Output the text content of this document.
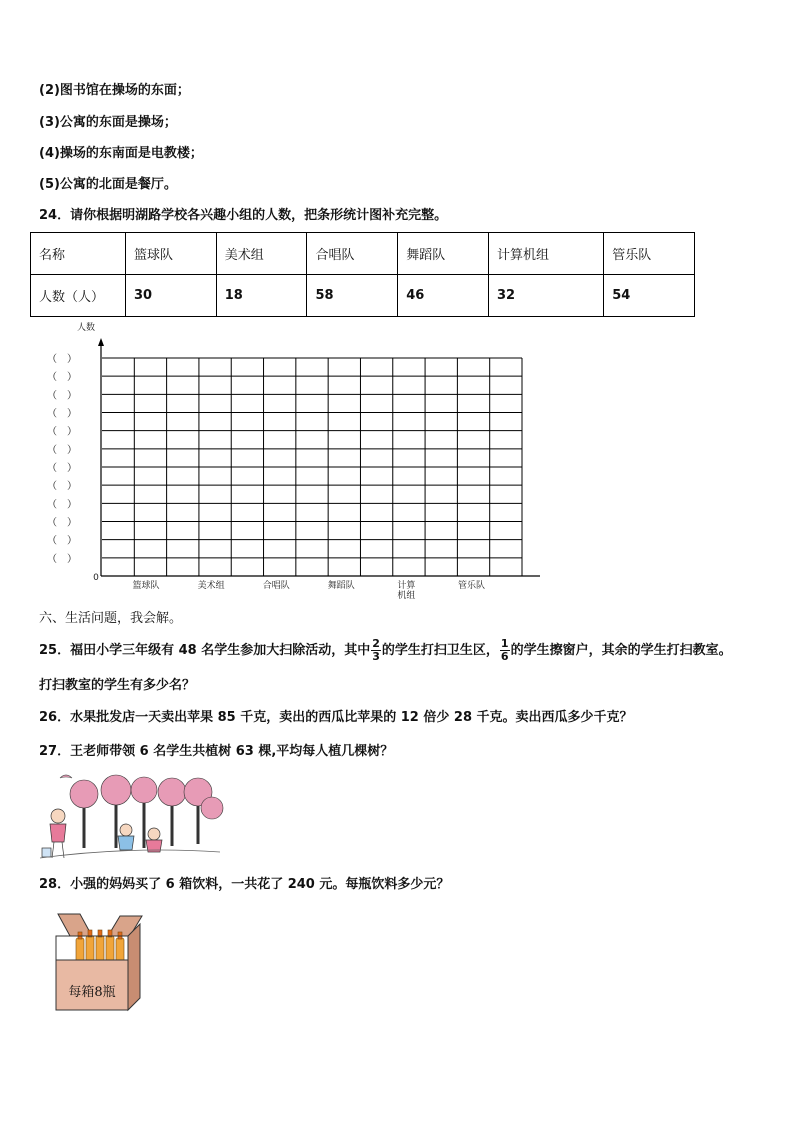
(2)图书馆在操场的东面；
(3)公寓的东面是操场；
(4)操场的东南面是电教楼；
(5)公寓的北面是餐厅。
24．请你根据明湖路学校各兴趣小组的人数，把条形统计图补充完整。
名称	篮球队	美术组	合唱队	舞蹈队	计算机组	管乐队
人数（人）	30	18	58	46	32	54
人数
0
（　）
（　）
（　）
（　）
（　）
（　）
（　）
（　）
（　）
（　）
（　）
（　）
篮球队	美术组	合唱队	舞蹈队	计算
机组
管乐队
六、生活问题，我会解。
25．福田小学三年级有 48 名学生参加大扫除活动，其中 $\frac{2}{3}$ 的学生打扫卫生区， $\frac{1}{6}$ 的学生擦窗户，其余的学生打扫教室。
打扫教室的学生有多少名？
26．水果批发店一天卖出苹果 85 千克，卖出的西瓜比苹果的 12 倍少 28 千克。卖出西瓜多少千克？
27．王老师带领 6 名学生共植树 63 棵,平均每人植几棵树？
28．小强的妈妈买了 6 箱饮料，一共花了 240 元。每瓶饮料多少元？
每箱8瓶
